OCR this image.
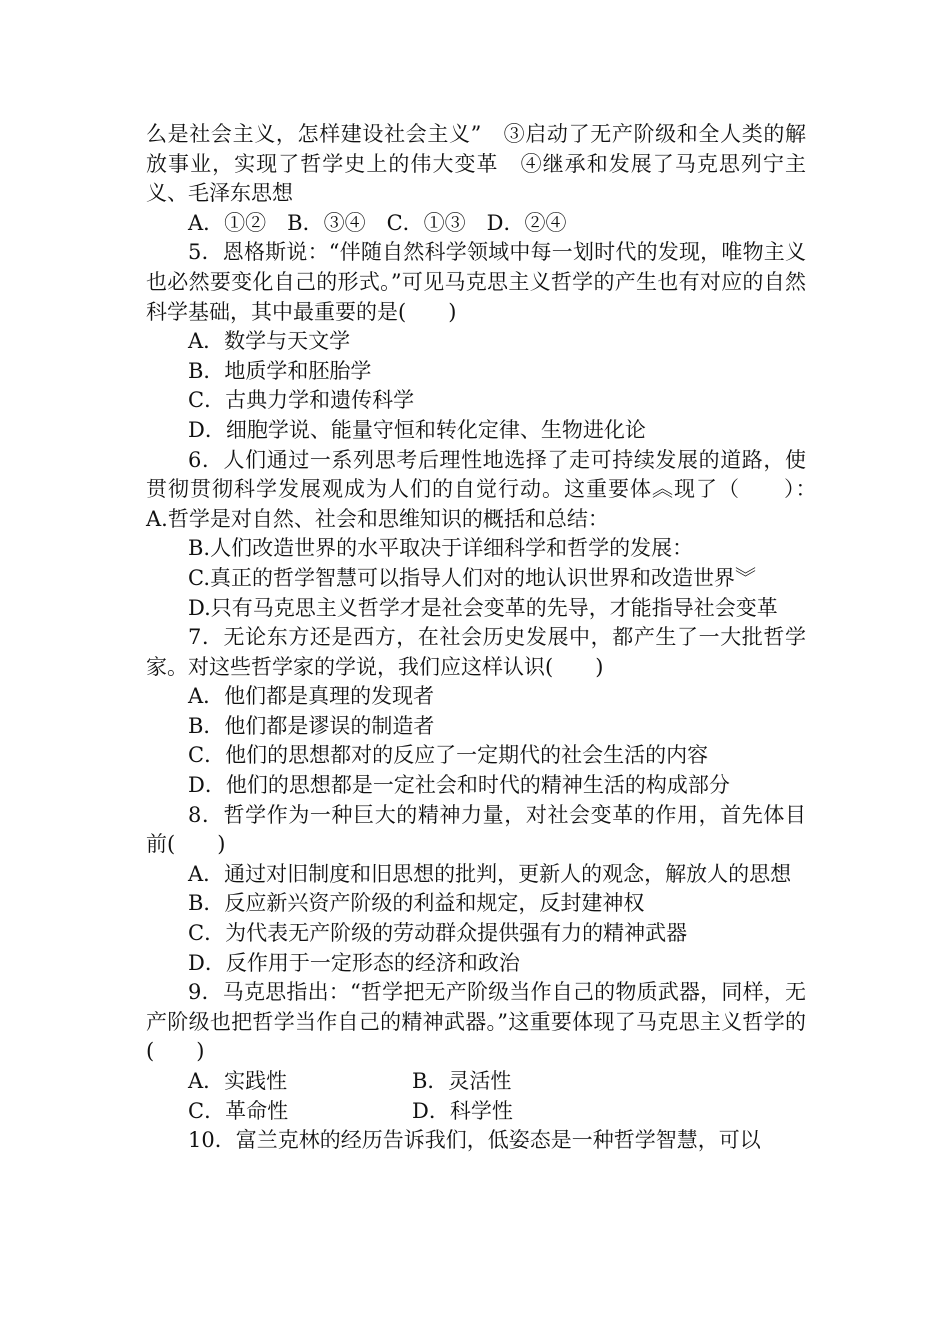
么是社会主义，怎样建设社会主义”　③启动了无产阶级和全人类的解放事业，实现了哲学史上的伟大变革　④继承和发展了马克思列宁主义、毛泽东思想

A．①②　B．③④　C．①③　D．②④

5．恩格斯说：“伴随自然科学领域中每一划时代的发现，唯物主义也必然要变化自己的形式。”可见马克思主义哲学的产生也有对应的自然科学基础，其中最重要的是(　　)

A．数学与天文学

B．地质学和胚胎学

C．古典力学和遗传科学

D．细胞学说、能量守恒和转化定律、生物进化论

6．人们通过一系列思考后理性地选择了走可持续发展的道路，使贯彻贯彻科学发展观成为人们的自觉行动。这重要体︽现了（　　）：　A.哲学是对自然、社会和思维知识的概括和总结：

B.人们改造世界的水平取决于详细科学和哲学的发展：

C.真正的哲学智慧可以指导人们对的地认识世界和改造世界︾

D.只有马克思主义哲学才是社会变革的先导，才能指导社会变革

7．无论东方还是西方，在社会历史发展中，都产生了一大批哲学家。对这些哲学家的学说，我们应这样认识(　　)

A．他们都是真理的发现者

B．他们都是谬误的制造者

C．他们的思想都对的反应了一定期代的社会生活的内容

D．他们的思想都是一定社会和时代的精神生活的构成部分

8．哲学作为一种巨大的精神力量，对社会变革的作用，首先体目前(　　)

A．通过对旧制度和旧思想的批判，更新人的观念，解放人的思想

B．反应新兴资产阶级的利益和规定，反封建神权

C．为代表无产阶级的劳动群众提供强有力的精神武器

D．反作用于一定形态的经济和政治

9．马克思指出：“哲学把无产阶级当作自己的物质武器，同样，无产阶级也把哲学当作自己的精神武器。”这重要体现了马克思主义哲学的(　　)

A．实践性	B．灵活性
C．革命性	D．科学性

10．富兰克林的经历告诉我们，低姿态是一种哲学智慧，可以
